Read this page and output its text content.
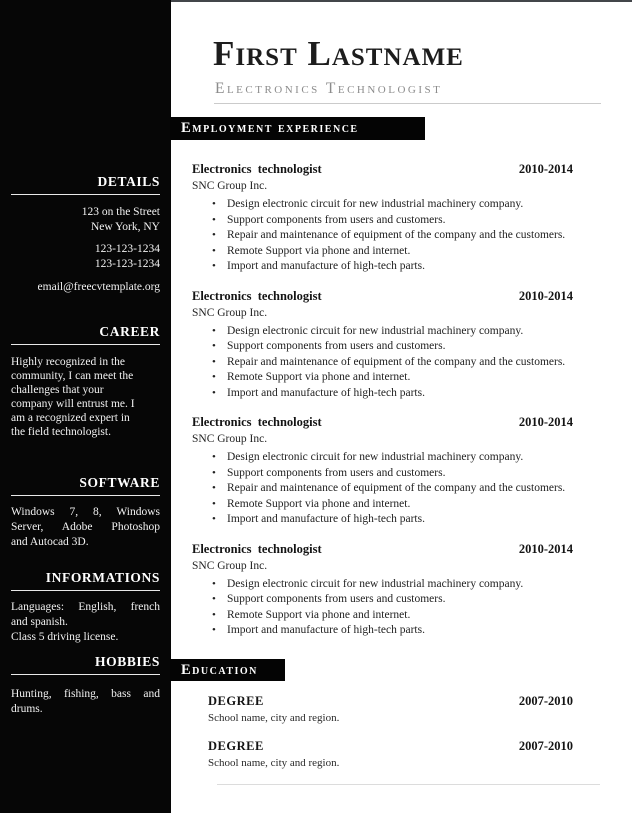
DETAILS
123 on the Street
New York, NY
123-123-1234
123-123-1234
email@freecvtemplate.org
CAREER
Highly recognized in the
community, I can meet the
challenges that your
company will entrust me. I
am a recognized expert in
the field technologist.
SOFTWARE
Windows 7, 8, Windows
Server, Adobe Photoshop
and Autocad 3D.
INFORMATIONS
Languages: English, french
and spanish.
Class 5 driving license.
HOBBIES
Hunting, fishing, bass and
drums.
First Lastname
Electronics Technologist
Employment experience
Electronics  technologist	2010-2014
SNC Group Inc.
• Design electronic circuit for new industrial machinery company.
• Support components from users and customers.
• Repair and maintenance of equipment of the company and the customers.
• Remote Support via phone and internet.
• Import and manufacture of high-tech parts.
Electronics  technologist	2010-2014
SNC Group Inc.
• Design electronic circuit for new industrial machinery company.
• Support components from users and customers.
• Repair and maintenance of equipment of the company and the customers.
• Remote Support via phone and internet.
• Import and manufacture of high-tech parts.
Electronics  technologist	2010-2014
SNC Group Inc.
• Design electronic circuit for new industrial machinery company.
• Support components from users and customers.
• Repair and maintenance of equipment of the company and the customers.
• Remote Support via phone and internet.
• Import and manufacture of high-tech parts.
Electronics  technologist	2010-2014
SNC Group Inc.
• Design electronic circuit for new industrial machinery company.
• Support components from users and customers.
• Remote Support via phone and internet.
• Import and manufacture of high-tech parts.
Education
DEGREE	2007-2010
School name, city and region.
DEGREE	2007-2010
School name, city and region.
